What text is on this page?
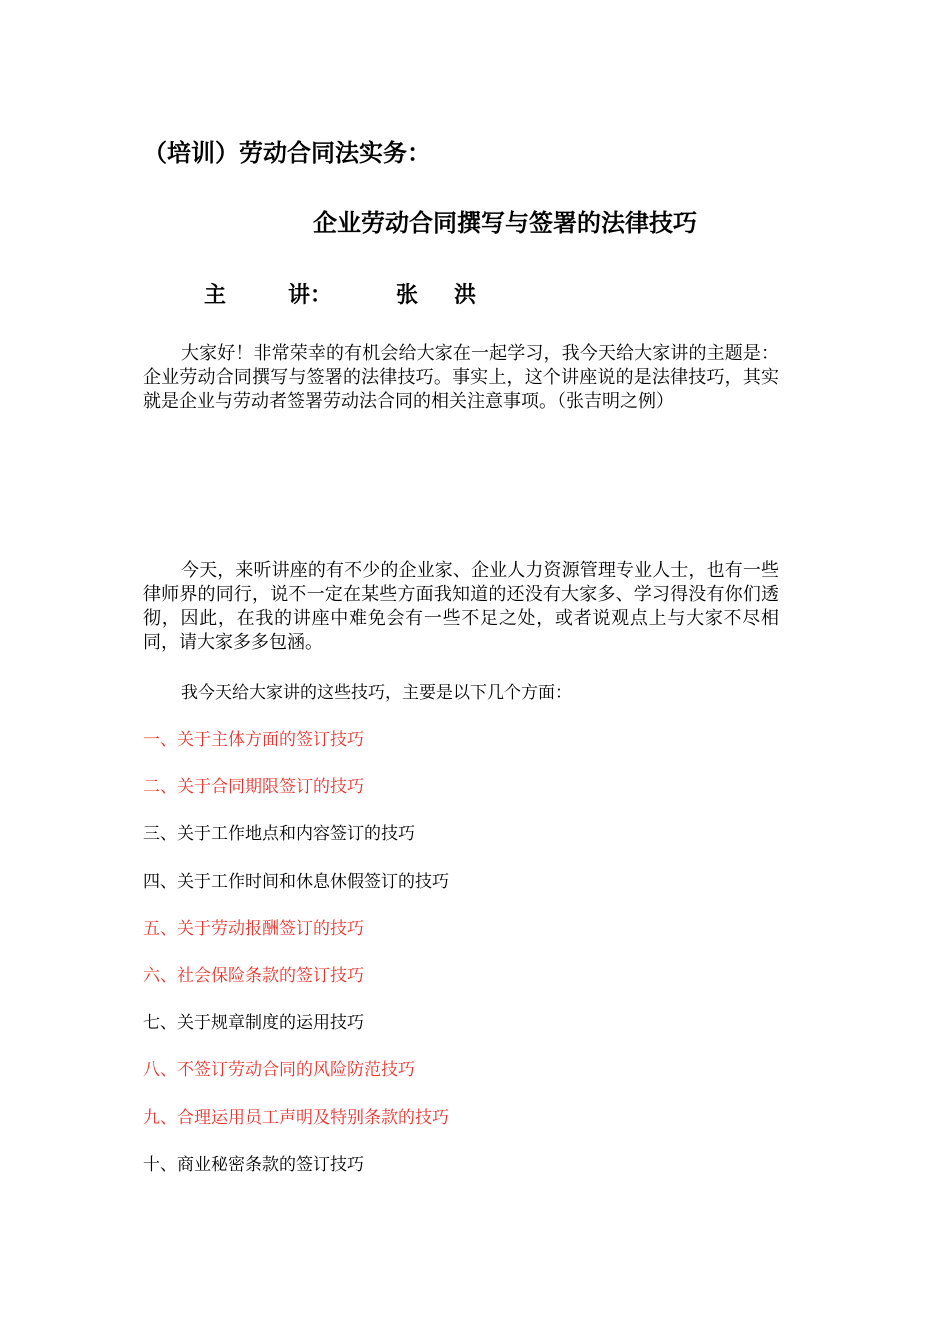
（培训）劳动合同法实务：
企业劳动合同撰写与签署的法律技巧
主	讲：	张 洪
大家好！非常荣幸的有机会给大家在一起学习，我今天给大家讲的主题是：企业劳动合同撰写与签署的法律技巧。事实上，这个讲座说的是法律技巧，其实就是企业与劳动者签署劳动法合同的相关注意事项。（张吉明之例）
今天，来听讲座的有不少的企业家、企业人力资源管理专业人士，也有一些律师界的同行，说不一定在某些方面我知道的还没有大家多、学习得没有你们透彻，因此，在我的讲座中难免会有一些不足之处，或者说观点上与大家不尽相同，请大家多多包涵。
我今天给大家讲的这些技巧，主要是以下几个方面：
一、关于主体方面的签订技巧
二、关于合同期限签订的技巧
三、关于工作地点和内容签订的技巧
四、关于工作时间和休息休假签订的技巧
五、关于劳动报酬签订的技巧
六、社会保险条款的签订技巧
七、关于规章制度的运用技巧
八、不签订劳动合同的风险防范技巧
九、合理运用员工声明及特别条款的技巧
十、商业秘密条款的签订技巧
